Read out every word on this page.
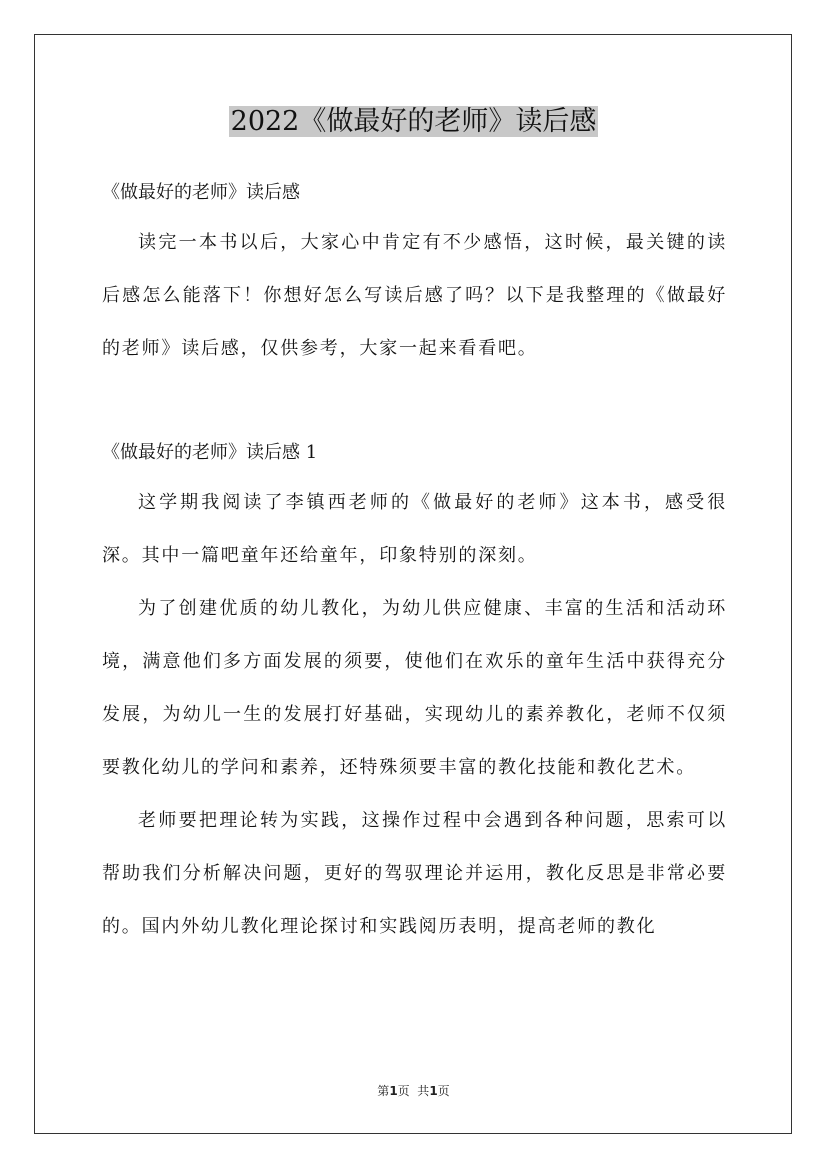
2022《做最好的老师》读后感

《做最好的老师》读后感

读完一本书以后，大家心中肯定有不少感悟，这时候，最关键的读后感怎么能落下！你想好怎么写读后感了吗？以下是我整理的《做最好的老师》读后感，仅供参考，大家一起来看看吧。

《做最好的老师》读后感 1

这学期我阅读了李镇西老师的《做最好的老师》这本书，感受很深。其中一篇吧童年还给童年，印象特别的深刻。

为了创建优质的幼儿教化，为幼儿供应健康、丰富的生活和活动环境，满意他们多方面发展的须要，使他们在欢乐的童年生活中获得充分发展，为幼儿一生的发展打好基础，实现幼儿的素养教化，老师不仅须要教化幼儿的学问和素养，还特殊须要丰富的教化技能和教化艺术。

老师要把理论转为实践，这操作过程中会遇到各种问题，思索可以帮助我们分析解决问题，更好的驾驭理论并运用，教化反思是非常必要的。国内外幼儿教化理论探讨和实践阅历表明，提高老师的教化

第1页  共1页
